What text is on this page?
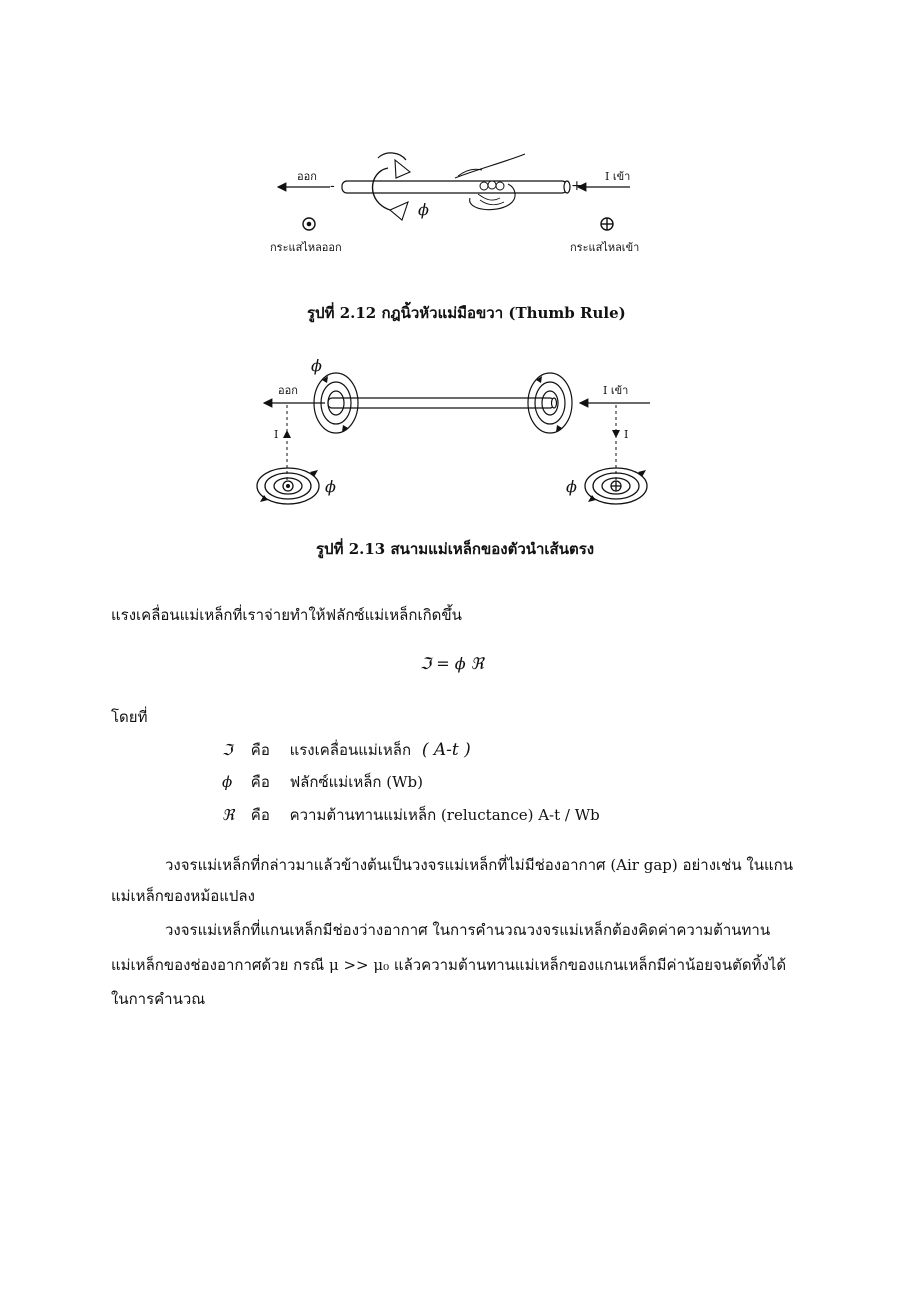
ออก	I เข้า
-	+
ϕ
กระแสไหลออก	กระแสไหลเข้า
รูปที่ 2.12 กฎนิ้วหัวแม่มือขวา (Thumb Rule)
ϕ
ออก	I เข้า
I	I
ϕ	ϕ
รูปที่ 2.13 สนามแม่เหล็กของตัวนำเส้นตรง
แรงเคลื่อนแม่เหล็กที่เราจ่ายทำให้ฟลักซ์แม่เหล็กเกิดขึ้น
ℑ = ϕ ℜ
โดยที่
ℑ คือ แรงเคลื่อนแม่เหล็ก ( A-t )
ϕ คือ ฟลักซ์แม่เหล็ก (Wb)
ℜ คือ ความต้านทานแม่เหล็ก (reluctance) A-t / Wb
วงจรแม่เหล็กที่กล่าวมาแล้วข้างต้นเป็นวงจรแม่เหล็กที่ไม่มีช่องอากาศ (Air gap) อย่างเช่น ในแกน
แม่เหล็กของหม้อแปลง
วงจรแม่เหล็กที่แกนเหล็กมีช่องว่างอากาศ ในการคำนวณวงจรแม่เหล็กต้องคิดค่าความต้านทาน
แม่เหล็กของช่องอากาศด้วย กรณี μ >> μ₀ แล้วความต้านทานแม่เหล็กของแกนเหล็กมีค่าน้อยจนตัดทิ้งได้
ในการคำนวณ
